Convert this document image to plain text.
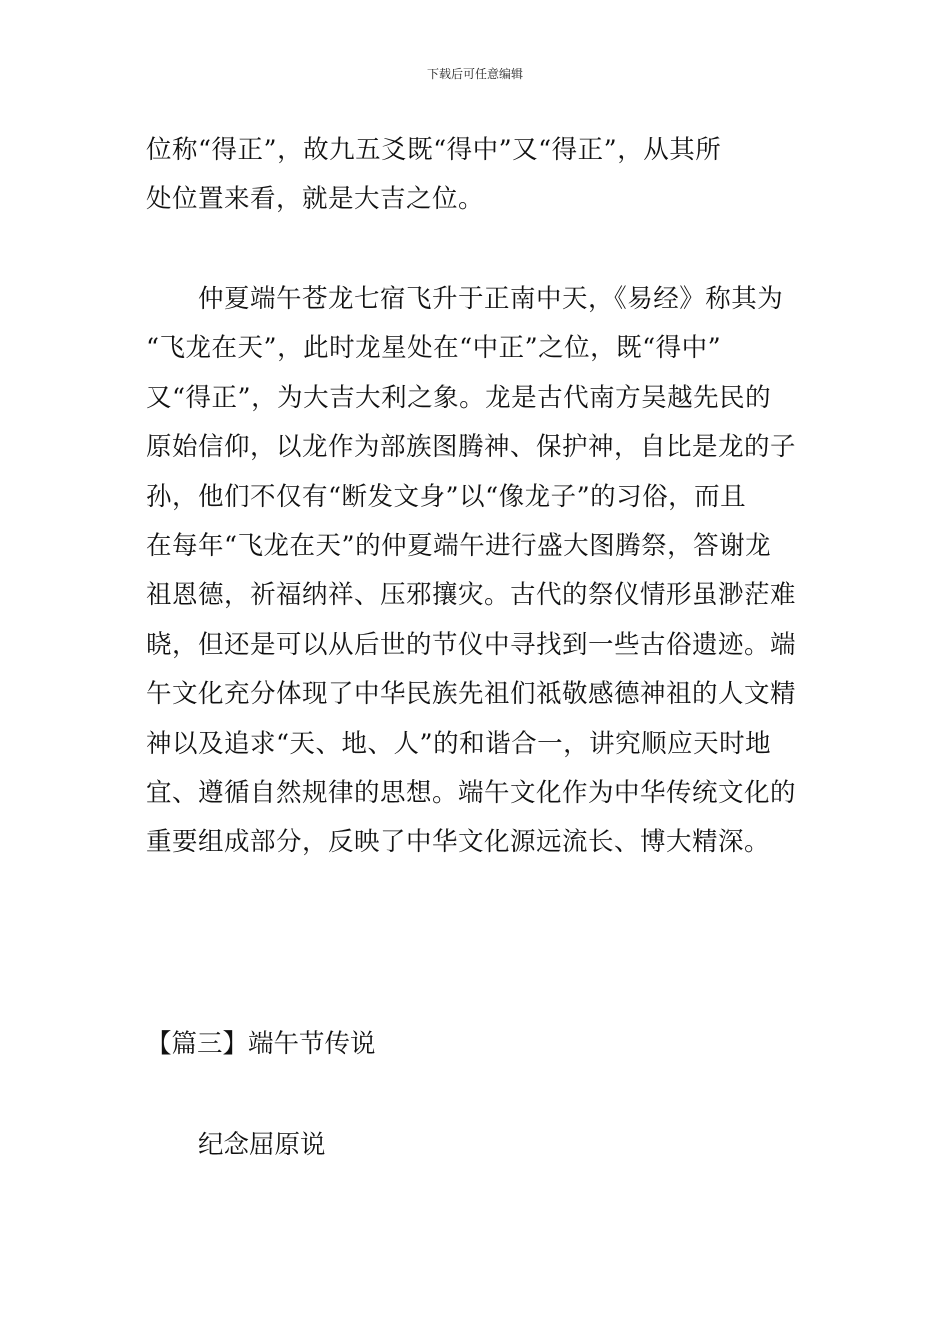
下载后可任意编辑
位称“得正”，故九五爻既“得中”又“得正”，从其所
处位置来看，就是大吉之位。
仲夏端午苍龙七宿飞升于正南中天，《易经》称其为
“飞龙在天”，此时龙星处在“中正”之位，既“得中”
又“得正”，为大吉大利之象。龙是古代南方吴越先民的
原始信仰，以龙作为部族图腾神、保护神，自比是龙的子
孙，他们不仅有“断发文身”以“像龙子”的习俗，而且
在每年“飞龙在天”的仲夏端午进行盛大图腾祭，答谢龙
祖恩德，祈福纳祥、压邪攘灾。古代的祭仪情形虽渺茫难
晓，但还是可以从后世的节仪中寻找到一些古俗遗迹。端
午文化充分体现了中华民族先祖们祗敬感德神祖的人文精
神以及追求“天、地、人”的和谐合一，讲究顺应天时地
宜、遵循自然规律的思想。端午文化作为中华传统文化的
重要组成部分，反映了中华文化源远流长、博大精深。
【篇三】端午节传说
纪念屈原说
